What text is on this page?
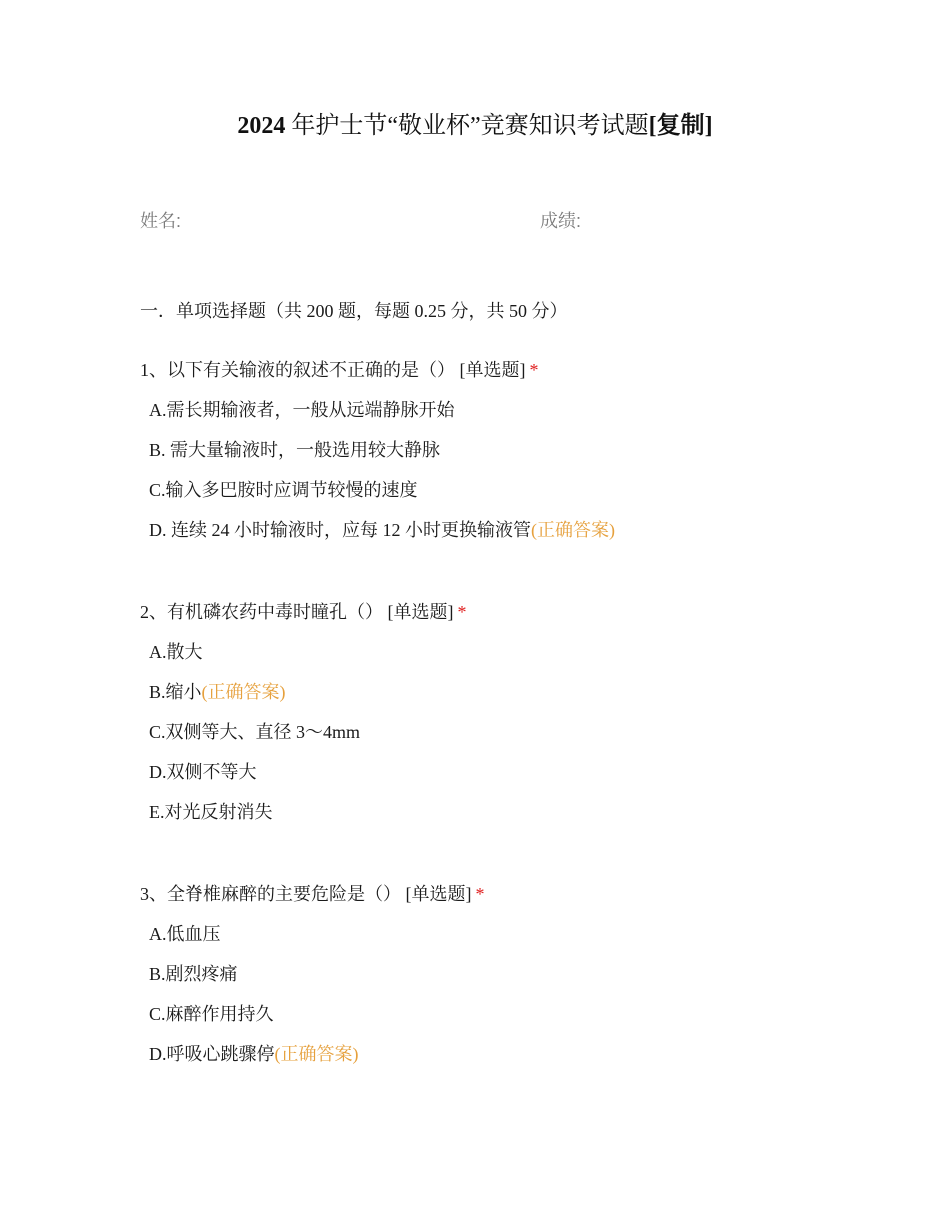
2024 年护士节“敬业杯”竞赛知识考试题[复制]
姓名:	成绩:
一．单项选择题（共 200 题，每题 0.25 分，共 50 分）
1、以下有关输液的叙述不正确的是（） [单选题] *
A.需长期输液者，一般从远端静脉开始
B. 需大量输液时，一般选用较大静脉
C.输入多巴胺时应调节较慢的速度
D. 连续 24 小时输液时，应每 12 小时更换输液管(正确答案)
2、有机磷农药中毒时瞳孔（） [单选题] *
A.散大
B.缩小(正确答案)
C.双侧等大、直径 3～4mm
D.双侧不等大
E.对光反射消失
3、全脊椎麻醉的主要危险是（） [单选题] *
A.低血压
B.剧烈疼痛
C.麻醉作用持久
D.呼吸心跳骤停(正确答案)
